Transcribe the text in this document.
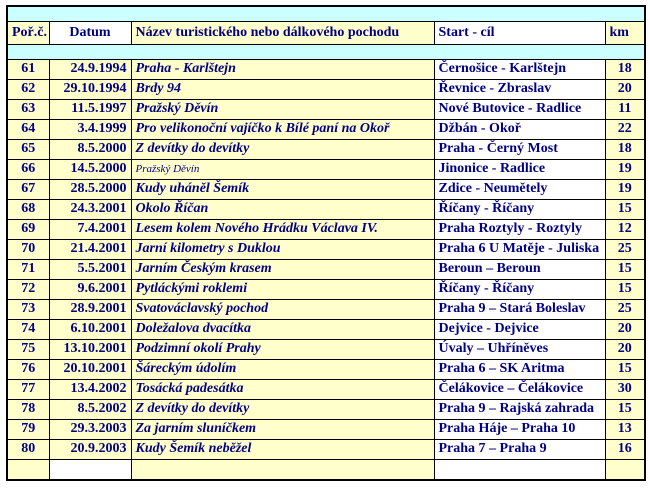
Poř.č.	Datum	Název turistického nebo dálkového pochodu	Start - cíl	km

61	24.9.1994	Praha - Karlštejn	Černošice - Karlštejn	18
62	29.10.1994	Brdy 94	Řevnice - Zbraslav	20
63	11.5.1997	Pražský Děvín	Nové Butovice - Radlice	11
64	3.4.1999	Pro velikonoční vajíčko k Bílé paní na Okoř	Džbán - Okoř	22
65	8.5.2000	Z devítky do devítky	Praha - Černý Most	18
66	14.5.2000	Pražský Děvín	Jinonice - Radlice	19
67	28.5.2000	Kudy uháněl Šemík	Zdice - Neumětely	19
68	24.3.2001	Okolo Říčan	Říčany - Říčany	15
69	7.4.2001	Lesem kolem Nového Hrádku Václava IV.	Praha Roztyly - Roztyly	12
70	21.4.2001	Jarní kilometry s Duklou	Praha 6 U Matěje - Juliska	25
71	5.5.2001	Jarním Českým krasem	Beroun – Beroun	15
72	9.6.2001	Pytláckými roklemi	Říčany - Říčany	15
73	28.9.2001	Svatováclavský pochod	Praha 9 – Stará Boleslav	25
74	6.10.2001	Doležalova dvacítka	Dejvice - Dejvice	20
75	13.10.2001	Podzimní okolí Prahy	Úvaly – Uhříněves	20
76	20.10.2001	Šáreckým údolím	Praha 6 – SK Aritma	15
77	13.4.2002	Tosácká padesátka	Čelákovice – Čelákovice	30
78	8.5.2002	Z devítky do devítky	Praha 9 – Rajská zahrada	15
79	29.3.2003	Za jarním sluníčkem	Praha Háje – Praha 10	13
80	20.9.2003	Kudy Šemík neběžel	Praha 7 – Praha 9	16
